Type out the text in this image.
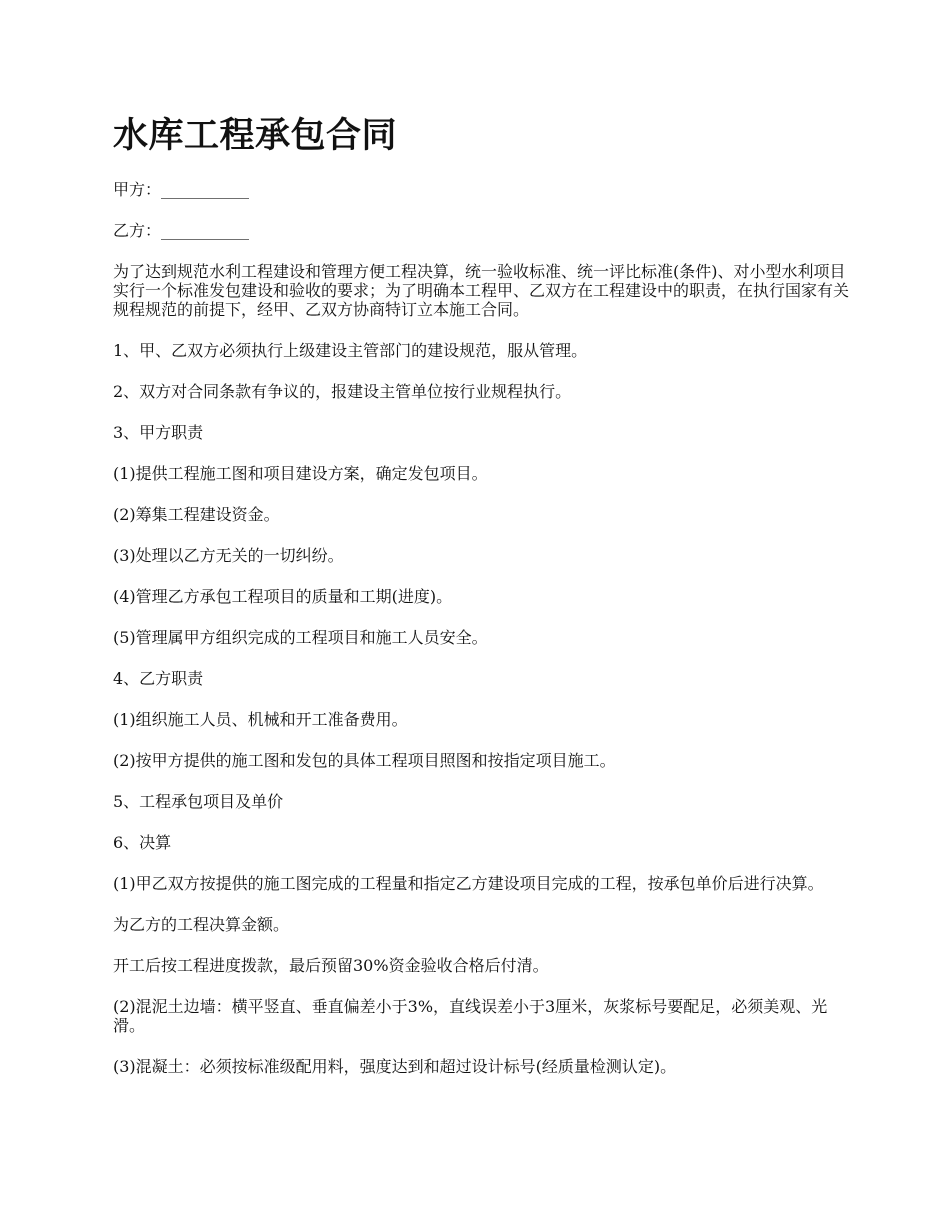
水库工程承包合同

甲方：___________

乙方：___________

为了达到规范水利工程建设和管理方便工程决算，统一验收标准、统一评比标准(条件)、对小型水利项目实行一个标准发包建设和验收的要求；为了明确本工程甲、乙双方在工程建设中的职责，在执行国家有关规程规范的前提下，经甲、乙双方协商特订立本施工合同。

1、甲、乙双方必须执行上级建设主管部门的建设规范，服从管理。

2、双方对合同条款有争议的，报建设主管单位按行业规程执行。

3、甲方职责

(1)提供工程施工图和项目建设方案，确定发包项目。

(2)筹集工程建设资金。

(3)处理以乙方无关的一切纠纷。

(4)管理乙方承包工程项目的质量和工期(进度)。

(5)管理属甲方组织完成的工程项目和施工人员安全。

4、乙方职责

(1)组织施工人员、机械和开工准备费用。

(2)按甲方提供的施工图和发包的具体工程项目照图和按指定项目施工。

5、工程承包项目及单价

6、决算

(1)甲乙双方按提供的施工图完成的工程量和指定乙方建设项目完成的工程，按承包单价后进行决算。

为乙方的工程决算金额。

开工后按工程进度拨款，最后预留30%资金验收合格后付清。

(2)混泥土边墙：横平竖直、垂直偏差小于3%，直线误差小于3厘米，灰浆标号要配足，必须美观、光滑。

(3)混凝土：必须按标准级配用料，强度达到和超过设计标号(经质量检测认定)。
